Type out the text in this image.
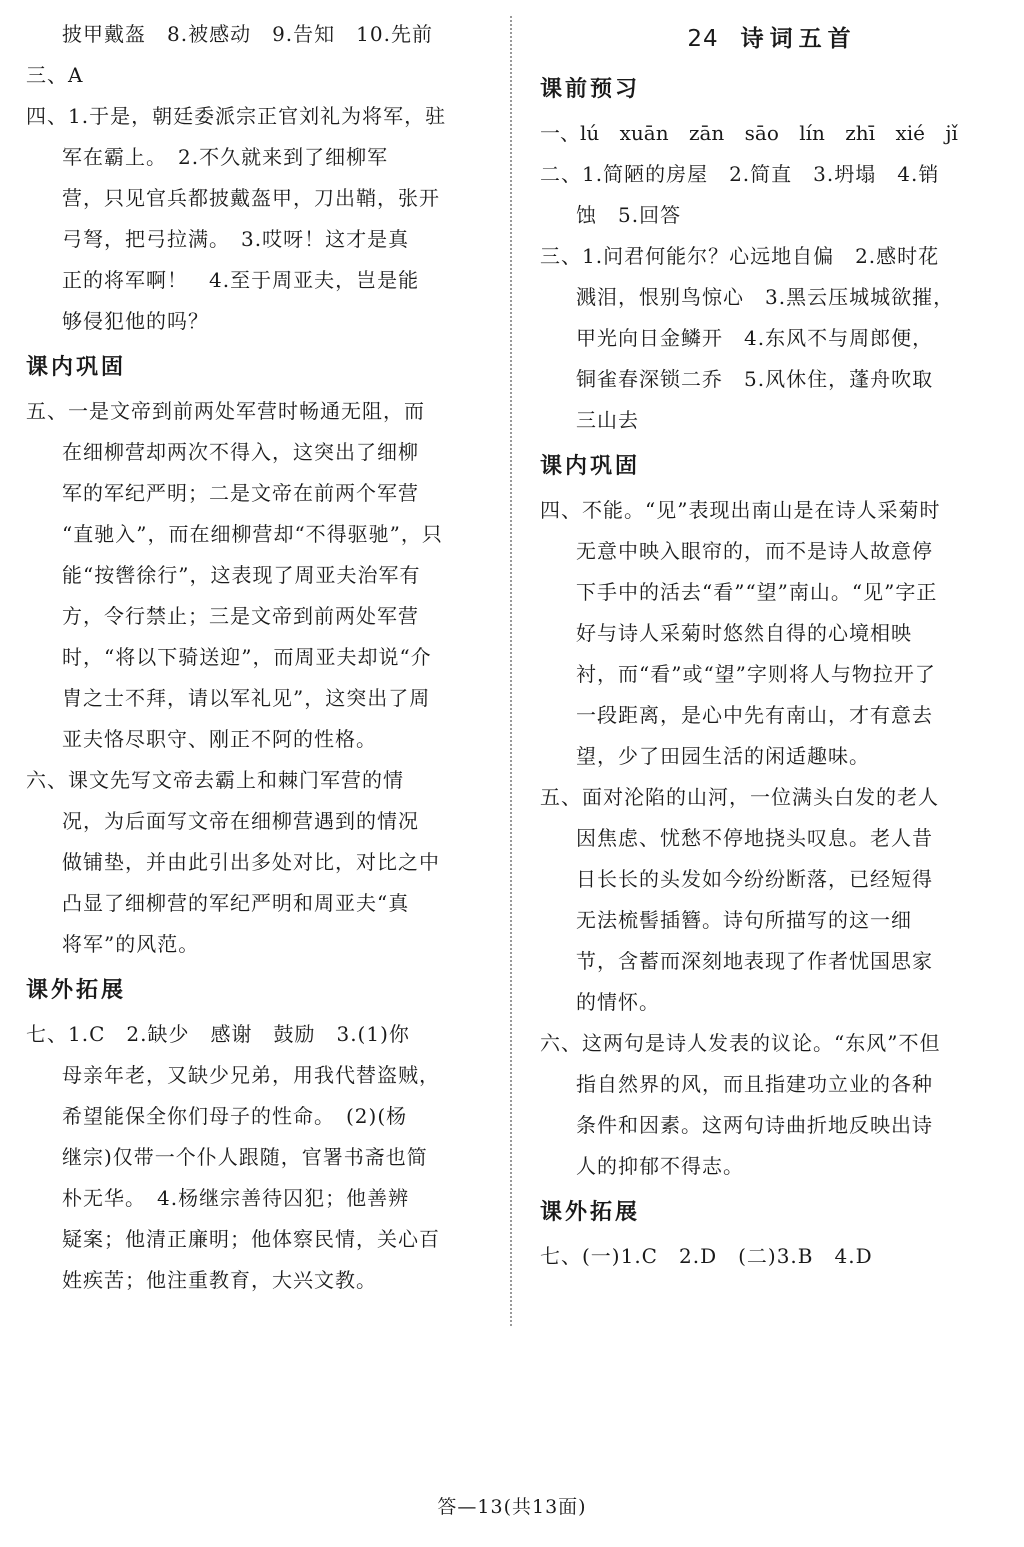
披甲戴盔　8.被感动　9.告知　10.先前
三、A
四、1.于是，朝廷委派宗正官刘礼为将军，驻
军在霸上。　2.不久就来到了细柳军
营，只见官兵都披戴盔甲，刀出鞘，张开
弓弩，把弓拉满。　3.哎呀！这才是真
正的将军啊！　4.至于周亚夫，岂是能
够侵犯他的吗？
课内巩固
五、一是文帝到前两处军营时畅通无阻，而
在细柳营却两次不得入，这突出了细柳
军的军纪严明；二是文帝在前两个军营
“直驰入”，而在细柳营却“不得驱驰”，只
能“按辔徐行”，这表现了周亚夫治军有
方，令行禁止；三是文帝到前两处军营
时，“将以下骑送迎”，而周亚夫却说“介
胄之士不拜，请以军礼见”，这突出了周
亚夫恪尽职守、刚正不阿的性格。
六、课文先写文帝去霸上和棘门军营的情
况，为后面写文帝在细柳营遇到的情况
做铺垫，并由此引出多处对比，对比之中
凸显了细柳营的军纪严明和周亚夫“真
将军”的风范。
课外拓展
七、1.C　2.缺少　感谢　鼓励　3.(1)你
母亲年老，又缺少兄弟，用我代替盗贼，
希望能保全你们母子的性命。　(2)(杨
继宗)仅带一个仆人跟随，官署书斋也简
朴无华。　4.杨继宗善待囚犯；他善辨
疑案；他清正廉明；他体察民情，关心百
姓疾苦；他注重教育，大兴文教。
24 诗词五首
课前预习
一、lú xuān zān sāo lín zhī xié jǐ
二、1.简陋的房屋　2.简直　3.坍塌　4.销
蚀　5.回答
三、1.问君何能尔？心远地自偏　2.感时花
溅泪，恨别鸟惊心　3.黑云压城城欲摧，
甲光向日金鳞开　4.东风不与周郎便，
铜雀春深锁二乔　5.风休住，蓬舟吹取
三山去
课内巩固
四、不能。“见”表现出南山是在诗人采菊时
无意中映入眼帘的，而不是诗人故意停
下手中的活去“看”“望”南山。“见”字正
好与诗人采菊时悠然自得的心境相映
衬，而“看”或“望”字则将人与物拉开了
一段距离，是心中先有南山，才有意去
望，少了田园生活的闲适趣味。
五、面对沦陷的山河，一位满头白发的老人
因焦虑、忧愁不停地挠头叹息。老人昔
日长长的头发如今纷纷断落，已经短得
无法梳髻插簪。诗句所描写的这一细
节，含蓄而深刻地表现了作者忧国思家
的情怀。
六、这两句是诗人发表的议论。“东风”不但
指自然界的风，而且指建功立业的各种
条件和因素。这两句诗曲折地反映出诗
人的抑郁不得志。
课外拓展
七、(一)1.C　2.D　(二)3.B　4.D
答—13(共13面)
